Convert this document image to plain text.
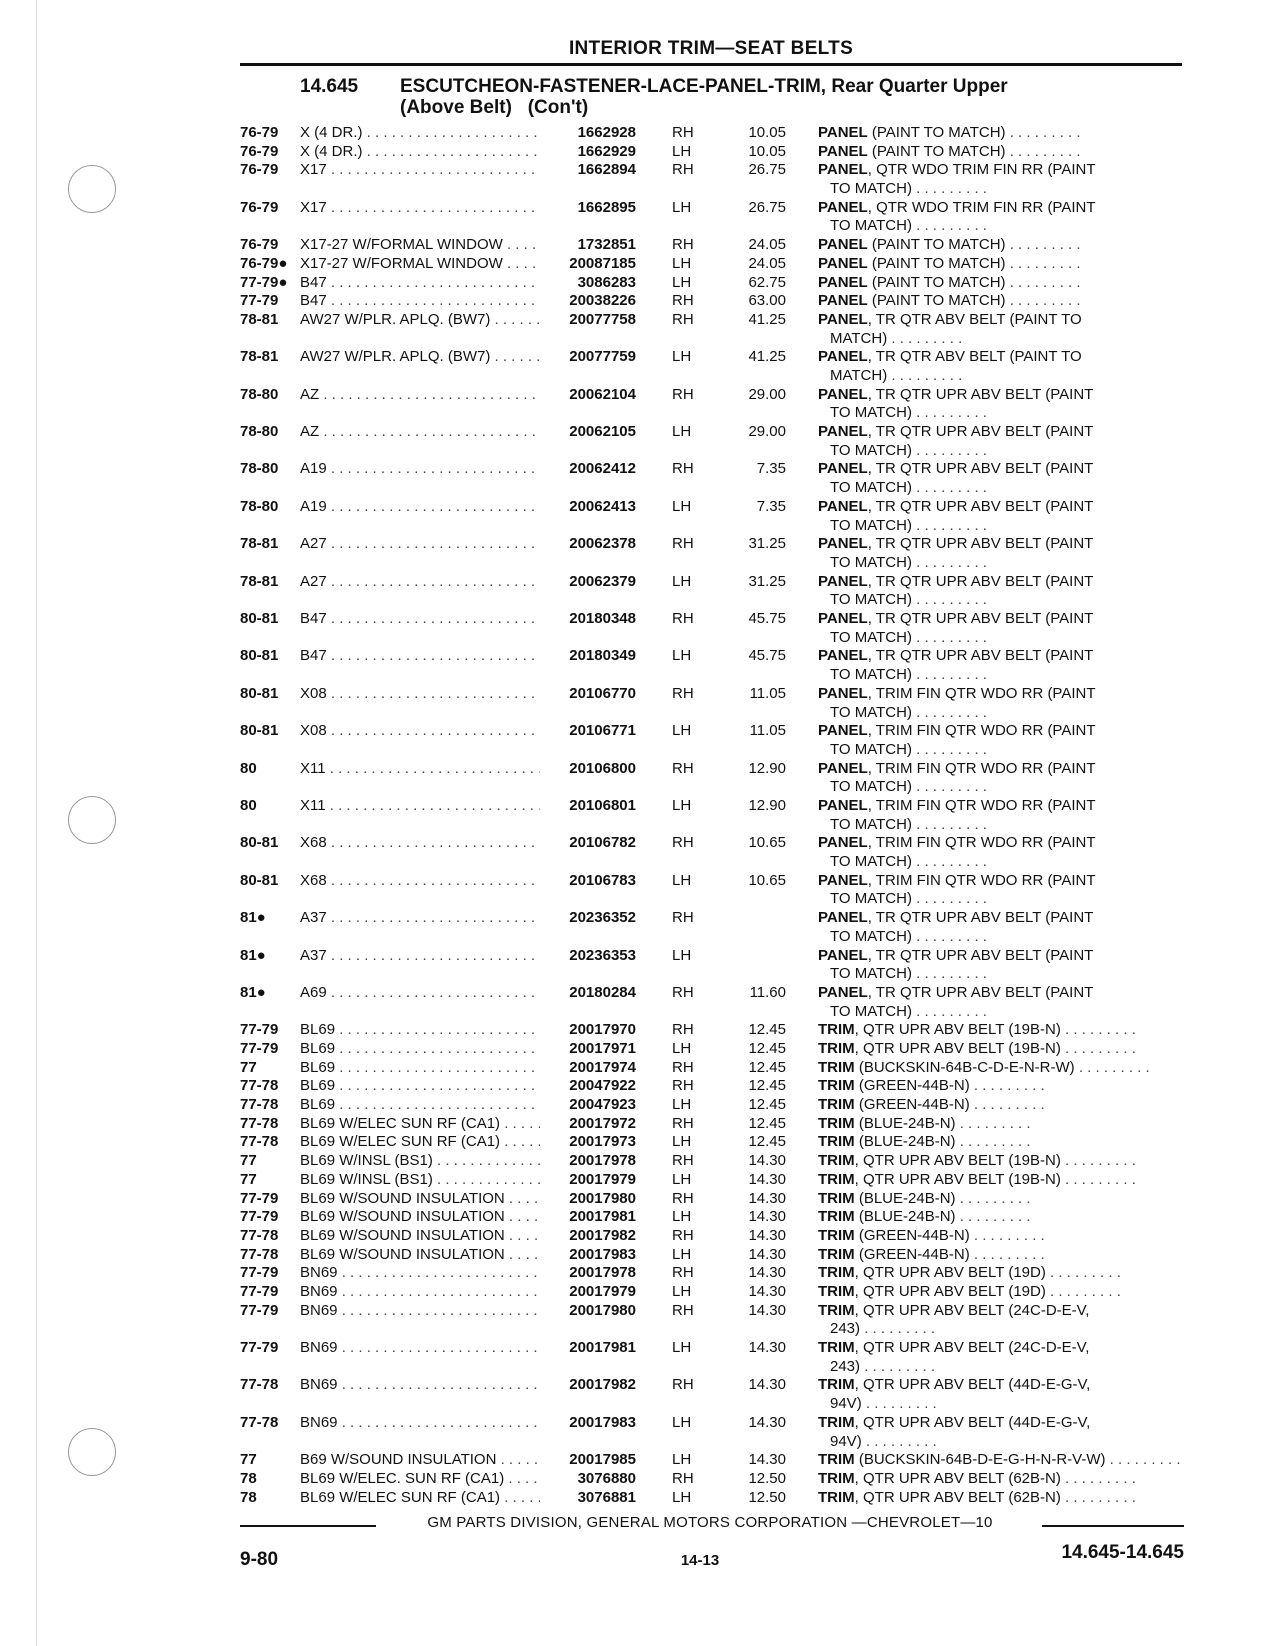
INTERIOR TRIM—SEAT BELTS
14.645 ESCUTCHEON-FASTENER-LACE-PANEL-TRIM, Rear Quarter Upper
(Above Belt)   (Con't)
76-79	X (4 DR.) . . .	1662928 RH	10.05 PANEL (PAINT TO MATCH) . . . . . . . . .
76-79	X (4 DR.) . . .	1662929 LH	10.05 PANEL (PAINT TO MATCH) . . . . . . . . .
76-79	X17 . . .	1662894 RH	26.75 PANEL, QTR WDO TRIM FIN RR (PAINT
TO MATCH) . . . . . . . . .
76-79	X17 . . .	1662895 LH	26.75 PANEL, QTR WDO TRIM FIN RR (PAINT
TO MATCH) . . . . . . . . .
76-79	X17-27 W/FORMAL WINDOW . . .	1732851 RH	24.05 PANEL (PAINT TO MATCH) . . . . . . . . .
76-79● X17-27 W/FORMAL WINDOW . . .	20087185 LH	24.05 PANEL (PAINT TO MATCH) . . . . . . . . .
77-79● B47 . . .	3086283 LH	62.75 PANEL (PAINT TO MATCH) . . . . . . . . .
77-79	B47 . . .	20038226 RH	63.00 PANEL (PAINT TO MATCH) . . . . . . . . .
78-81	AW27 W/PLR. APLQ. (BW7) . . .	20077758 RH	41.25 PANEL, TR QTR ABV BELT (PAINT TO
MATCH) . . . . . . . . .
78-81	AW27 W/PLR. APLQ. (BW7) . . .	20077759 LH	41.25 PANEL, TR QTR ABV BELT (PAINT TO
MATCH) . . . . . . . . .
78-80	AZ . . .	20062104 RH	29.00 PANEL, TR QTR UPR ABV BELT (PAINT
TO MATCH) . . . . . . . . .
78-80	AZ . . .	20062105 LH	29.00 PANEL, TR QTR UPR ABV BELT (PAINT
TO MATCH) . . . . . . . . .
78-80	A19 . . .	20062412 RH	7.35 PANEL, TR QTR UPR ABV BELT (PAINT
TO MATCH) . . . . . . . . .
78-80	A19 . . .	20062413 LH	7.35 PANEL, TR QTR UPR ABV BELT (PAINT
TO MATCH) . . . . . . . . .
78-81	A27 . . .	20062378 RH	31.25 PANEL, TR QTR UPR ABV BELT (PAINT
TO MATCH) . . . . . . . . .
78-81	A27 . . .	20062379 LH	31.25 PANEL, TR QTR UPR ABV BELT (PAINT
TO MATCH) . . . . . . . . .
80-81	B47 . . .	20180348 RH	45.75 PANEL, TR QTR UPR ABV BELT (PAINT
TO MATCH) . . . . . . . . .
80-81	B47 . . .	20180349 LH	45.75 PANEL, TR QTR UPR ABV BELT (PAINT
TO MATCH) . . . . . . . . .
80-81	X08 . . .	20106770 RH	11.05 PANEL, TRIM FIN QTR WDO RR (PAINT
TO MATCH) . . . . . . . . .
80-81	X08 . . .	20106771 LH	11.05 PANEL, TRIM FIN QTR WDO RR (PAINT
TO MATCH) . . . . . . . . .
80	X11 . . .	20106800 RH	12.90 PANEL, TRIM FIN QTR WDO RR (PAINT
TO MATCH) . . . . . . . . .
80	X11 . . .	20106801 LH	12.90 PANEL, TRIM FIN QTR WDO RR (PAINT
TO MATCH) . . . . . . . . .
80-81	X68 . . .	20106782 RH	10.65 PANEL, TRIM FIN QTR WDO RR (PAINT
TO MATCH) . . . . . . . . .
80-81	X68 . . .	20106783 LH	10.65 PANEL, TRIM FIN QTR WDO RR (PAINT
TO MATCH) . . . . . . . . .
81●	A37 . . .	20236352 RH	PANEL, TR QTR UPR ABV BELT (PAINT
TO MATCH) . . . . . . . . .
81●	A37 . . .	20236353 LH	PANEL, TR QTR UPR ABV BELT (PAINT
TO MATCH) . . . . . . . . .
81●	A69 . . .	20180284 RH	11.60 PANEL, TR QTR UPR ABV BELT (PAINT
TO MATCH) . . . . . . . . .
77-79	BL69 . . .	20017970 RH	12.45 TRIM, QTR UPR ABV BELT (19B-N) . . . . . . . . .
77-79	BL69 . . .	20017971 LH	12.45 TRIM, QTR UPR ABV BELT (19B-N) . . . . . . . . .
77	BL69 . . .	20017974 RH	12.45 TRIM (BUCKSKIN-64B-C-D-E-N-R-W) . . . . . . . . .
77-78	BL69 . . .	20047922 RH	12.45 TRIM (GREEN-44B-N) . . . . . . . . .
77-78	BL69 . . .	20047923 LH	12.45 TRIM (GREEN-44B-N) . . . . . . . . .
77-78	BL69 W/ELEC SUN RF (CA1) . . .	20017972 RH	12.45 TRIM (BLUE-24B-N) . . . . . . . . .
77-78	BL69 W/ELEC SUN RF (CA1) . . .	20017973 LH	12.45 TRIM (BLUE-24B-N) . . . . . . . . .
77	BL69 W/INSL (BS1) . . .	20017978 RH	14.30 TRIM, QTR UPR ABV BELT (19B-N) . . . . . . . . .
77	BL69 W/INSL (BS1) . . .	20017979 LH	14.30 TRIM, QTR UPR ABV BELT (19B-N) . . . . . . . . .
77-79	BL69 W/SOUND INSULATION . . .	20017980 RH	14.30 TRIM (BLUE-24B-N) . . . . . . . . .
77-79	BL69 W/SOUND INSULATION . . .	20017981 LH	14.30 TRIM (BLUE-24B-N) . . . . . . . . .
77-78	BL69 W/SOUND INSULATION . . .	20017982 RH	14.30 TRIM (GREEN-44B-N) . . . . . . . . .
77-78	BL69 W/SOUND INSULATION . . .	20017983 LH	14.30 TRIM (GREEN-44B-N) . . . . . . . . .
77-79	BN69 . . .	20017978 RH	14.30 TRIM, QTR UPR ABV BELT (19D) . . . . . . . . .
77-79	BN69 . . .	20017979 LH	14.30 TRIM, QTR UPR ABV BELT (19D) . . . . . . . . .
77-79	BN69 . . .	20017980 RH	14.30 TRIM, QTR UPR ABV BELT (24C-D-E-V,
243) . . . . . . . . .
77-79	BN69 . . .	20017981 LH	14.30 TRIM, QTR UPR ABV BELT (24C-D-E-V,
243) . . . . . . . . .
77-78	BN69 . . .	20017982 RH	14.30 TRIM, QTR UPR ABV BELT (44D-E-G-V,
94V) . . . . . . . . .
77-78	BN69 . . .	20017983 LH	14.30 TRIM, QTR UPR ABV BELT (44D-E-G-V,
94V) . . . . . . . . .
77	B69 W/SOUND INSULATION . . .	20017985 LH	14.30 TRIM (BUCKSKIN-64B-D-E-G-H-N-R-V-W) . . . . . . . . .
78	BL69 W/ELEC. SUN RF (CA1) . . .	3076880 RH	12.50 TRIM, QTR UPR ABV BELT (62B-N) . . . . . . . . .
78	BL69 W/ELEC SUN RF (CA1) . . .	3076881 LH	12.50 TRIM, QTR UPR ABV BELT (62B-N) . . . . . . . . .
GM PARTS DIVISION, GENERAL MOTORS CORPORATION —CHEVROLET—10
9-80	14-13	14.645-14.645
